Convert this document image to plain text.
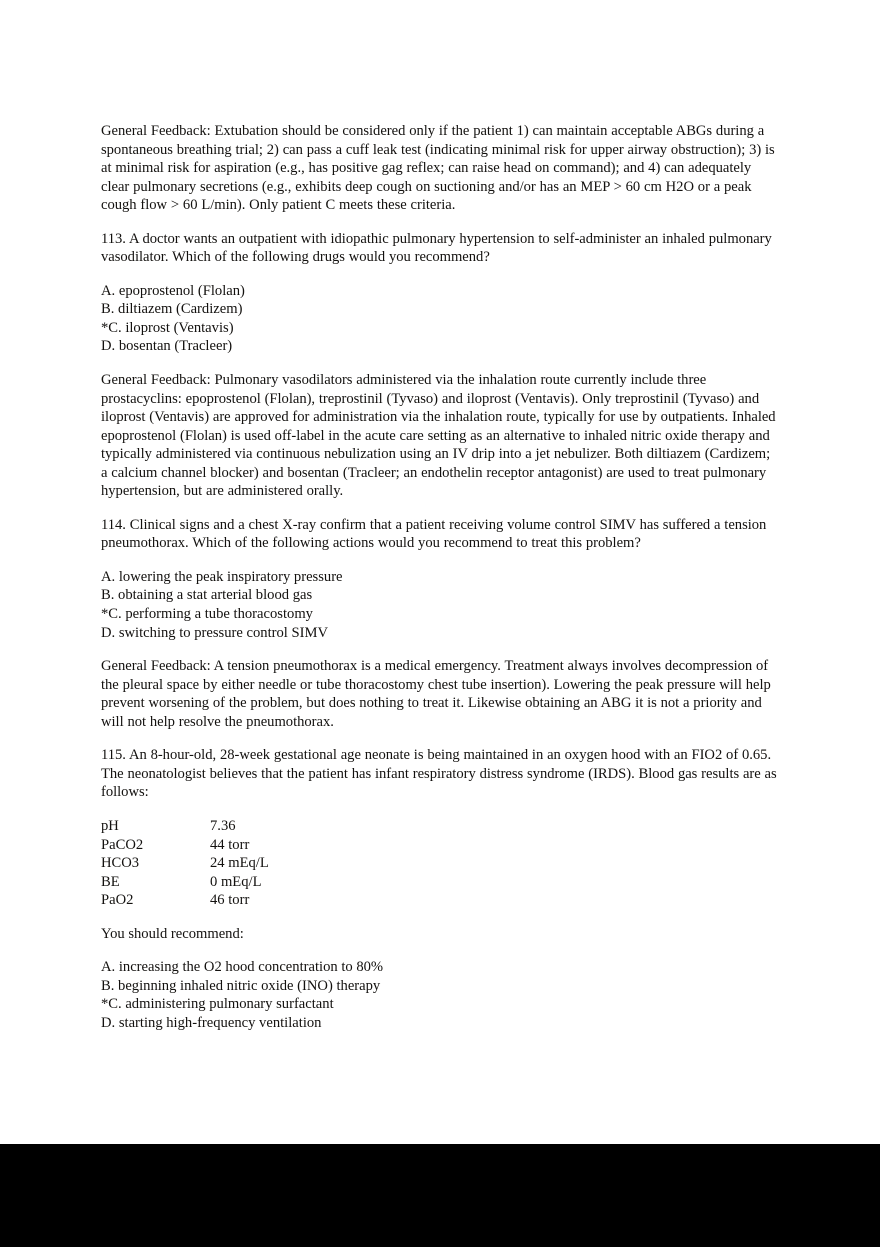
General Feedback: Extubation should be considered only if the patient 1) can maintain acceptable ABGs during a spontaneous breathing trial; 2) can pass a cuff leak test (indicating minimal risk for upper airway obstruction); 3) is at minimal risk for aspiration (e.g., has positive gag reflex; can raise head on command); and 4) can adequately clear pulmonary secretions (e.g., exhibits deep cough on suctioning and/or has an MEP > 60 cm H2O or a peak cough flow > 60 L/min). Only patient C meets these criteria.

113. A doctor wants an outpatient with idiopathic pulmonary hypertension to self-administer an inhaled pulmonary vasodilator. Which of the following drugs would you recommend?

A. epoprostenol (Flolan)
B. diltiazem (Cardizem)
*C. iloprost (Ventavis)
D. bosentan (Tracleer)

General Feedback: Pulmonary vasodilators administered via the inhalation route currently include three prostacyclins: epoprostenol (Flolan), treprostinil (Tyvaso) and iloprost (Ventavis). Only treprostinil (Tyvaso) and iloprost (Ventavis) are approved for administration via the inhalation route, typically for use by outpatients. Inhaled epoprostenol (Flolan) is used off-label in the acute care setting as an alternative to inhaled nitric oxide therapy and typically administered via continuous nebulization using an IV drip into a jet nebulizer. Both diltiazem (Cardizem; a calcium channel blocker) and bosentan (Tracleer; an endothelin receptor antagonist) are used to treat pulmonary hypertension, but are administered orally.

114. Clinical signs and a chest X-ray confirm that a patient receiving volume control SIMV has suffered a tension pneumothorax. Which of the following actions would you recommend to treat this problem?

A. lowering the peak inspiratory pressure
B. obtaining a stat arterial blood gas
*C. performing a tube thoracostomy
D. switching to pressure control SIMV

General Feedback: A tension pneumothorax is a medical emergency. Treatment always involves decompression of the pleural space by either needle or tube thoracostomy chest tube insertion). Lowering the peak pressure will help prevent worsening of the problem, but does nothing to treat it. Likewise obtaining an ABG it is not a priority and will not help resolve the pneumothorax.

115. An 8-hour-old, 28-week gestational age neonate is being maintained in an oxygen hood with an FIO2 of 0.65. The neonatologist believes that the patient has infant respiratory distress syndrome (IRDS). Blood gas results are as follows:

pH	7.36
PaCO2	44 torr
HCO3	24 mEq/L
BE	0 mEq/L
PaO2	46 torr

You should recommend:

A. increasing the O2 hood concentration to 80%
B. beginning inhaled nitric oxide (INO) therapy
*C. administering pulmonary surfactant
D. starting high-frequency ventilation
